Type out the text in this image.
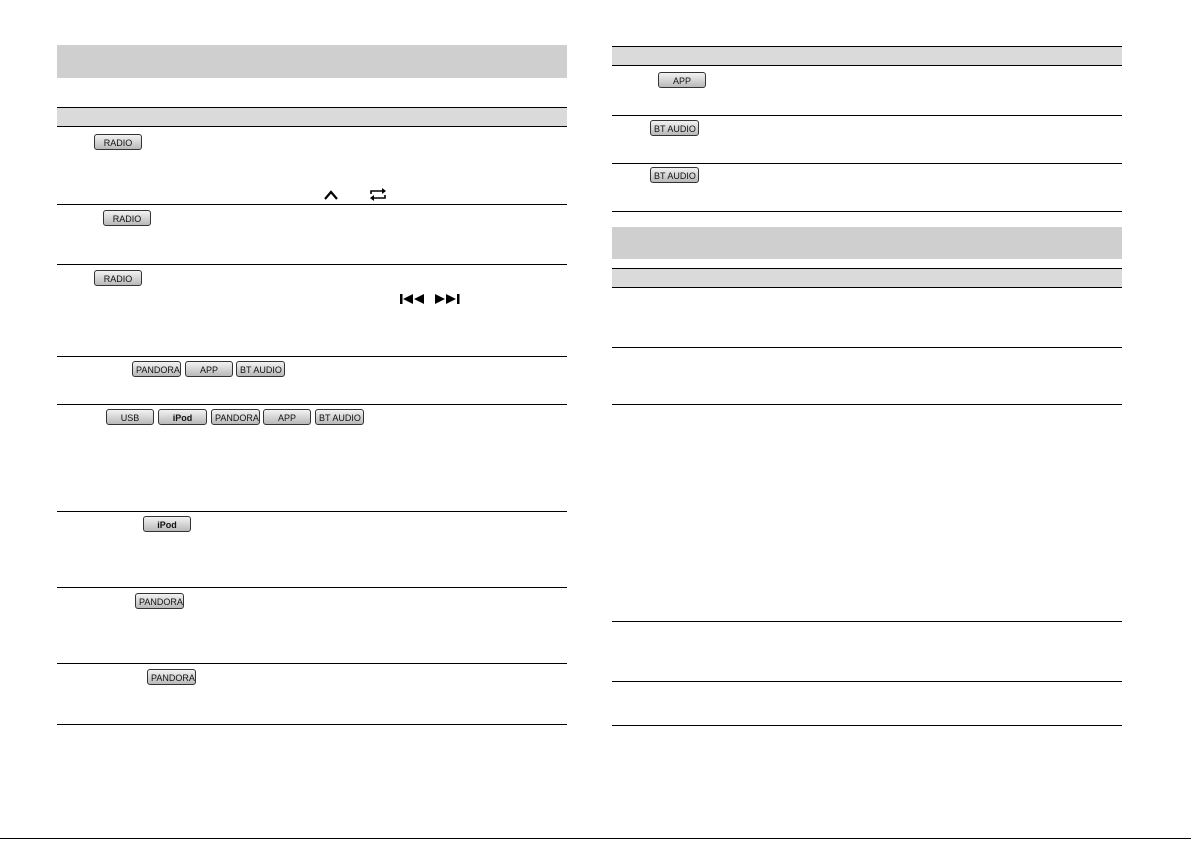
RADIO
RADIO
RADIO
PANDORA	APP	BT AUDIO
USB	iPod	PANDORA	APP	BT AUDIO
iPod
PANDORA
PANDORA
APP
BT AUDIO
BT AUDIO
